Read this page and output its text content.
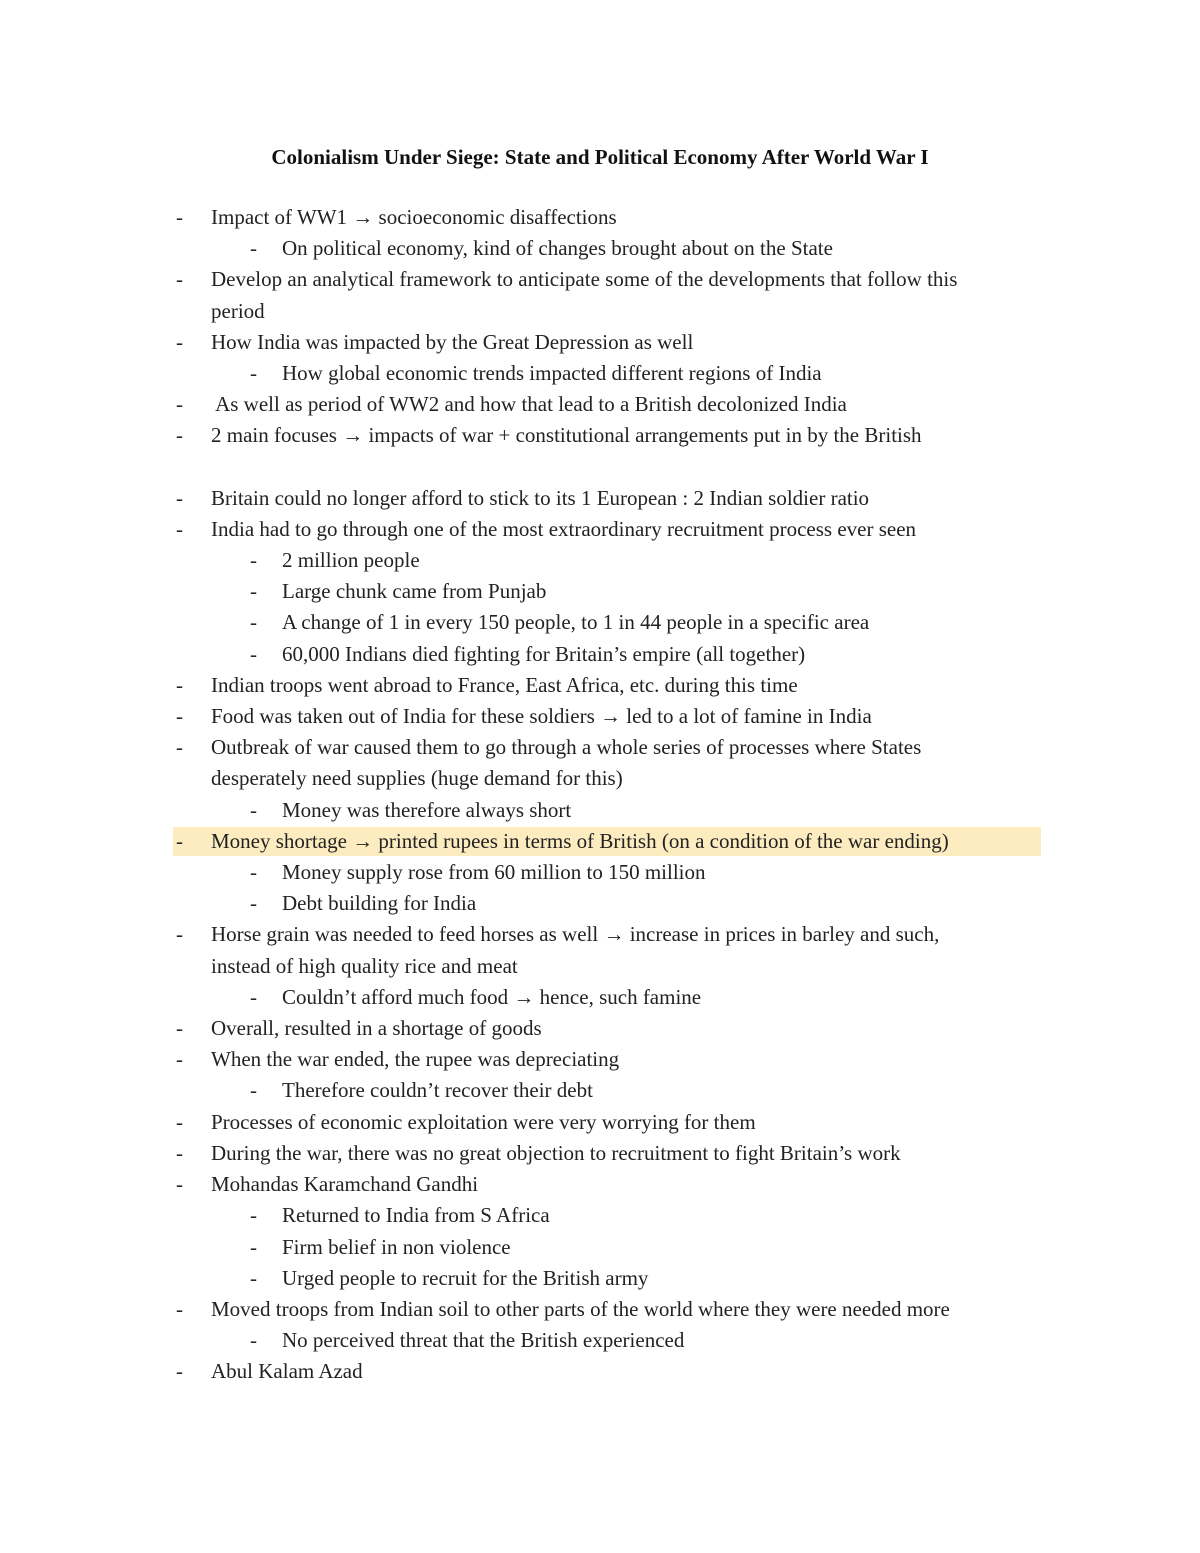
Colonialism Under Siege: State and Political Economy After World War I
- Impact of WW1 → socioeconomic disaffections
- On political economy, kind of changes brought about on the State
- Develop an analytical framework to anticipate some of the developments that follow this
period
- How India was impacted by the Great Depression as well
- How global economic trends impacted different regions of India
- As well as period of WW2 and how that lead to a British decolonized India
- 2 main focuses → impacts of war + constitutional arrangements put in by the British
- Britain could no longer afford to stick to its 1 European : 2 Indian soldier ratio
- India had to go through one of the most extraordinary recruitment process ever seen
- 2 million people
- Large chunk came from Punjab
- A change of 1 in every 150 people, to 1 in 44 people in a specific area
- 60,000 Indians died fighting for Britain’s empire (all together)
- Indian troops went abroad to France, East Africa, etc. during this time
- Food was taken out of India for these soldiers → led to a lot of famine in India
- Outbreak of war caused them to go through a whole series of processes where States
desperately need supplies (huge demand for this)
- Money was therefore always short
- Money shortage → printed rupees in terms of British (on a condition of the war ending)
- Money supply rose from 60 million to 150 million
- Debt building for India
- Horse grain was needed to feed horses as well → increase in prices in barley and such,
instead of high quality rice and meat
- Couldn’t afford much food → hence, such famine
- Overall, resulted in a shortage of goods
- When the war ended, the rupee was depreciating
- Therefore couldn’t recover their debt
- Processes of economic exploitation were very worrying for them
- During the war, there was no great objection to recruitment to fight Britain’s work
- Mohandas Karamchand Gandhi
- Returned to India from S Africa
- Firm belief in non violence
- Urged people to recruit for the British army
- Moved troops from Indian soil to other parts of the world where they were needed more
- No perceived threat that the British experienced
- Abul Kalam Azad
